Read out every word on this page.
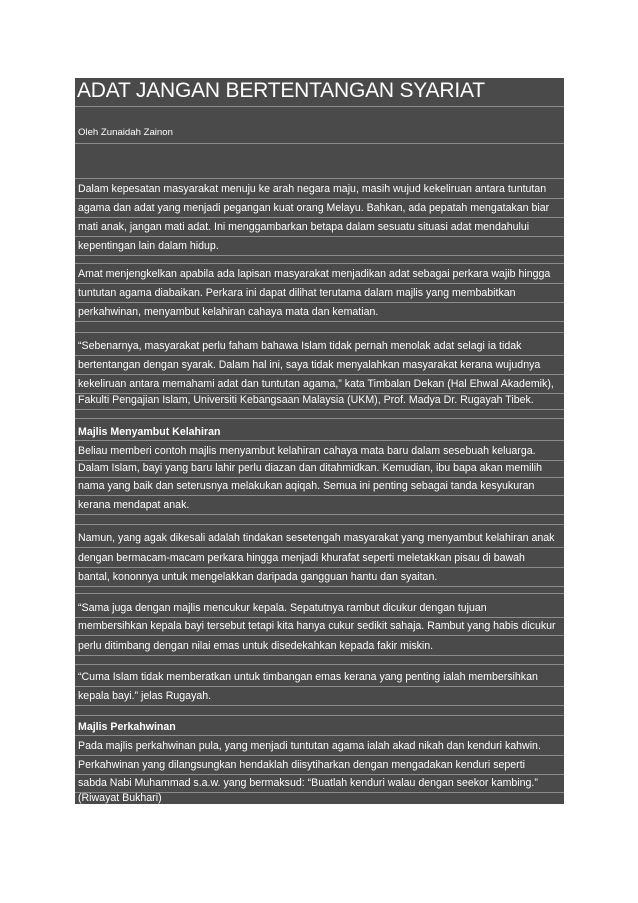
ADAT JANGAN BERTENTANGAN SYARIAT
Oleh Zunaidah Zainon
Dalam kepesatan masyarakat menuju ke arah negara maju, masih wujud kekeliruan antara tuntutan
agama dan adat yang menjadi pegangan kuat orang Melayu. Bahkan, ada pepatah mengatakan biar
mati anak, jangan mati adat. Ini menggambarkan betapa dalam sesuatu situasi adat mendahului
kepentingan lain dalam hidup.
Amat menjengkelkan apabila ada lapisan masyarakat menjadikan adat sebagai perkara wajib hingga
tuntutan agama diabaikan. Perkara ini dapat dilihat terutama dalam majlis yang membabitkan
perkahwinan, menyambut kelahiran cahaya mata dan kematian.
“Sebenarnya, masyarakat perlu faham bahawa Islam tidak pernah menolak adat selagi ia tidak
bertentangan dengan syarak. Dalam hal ini, saya tidak menyalahkan masyarakat kerana wujudnya
kekeliruan antara memahami adat dan tuntutan agama,” kata Timbalan Dekan (Hal Ehwal Akademik),
Fakulti Pengajian Islam, Universiti Kebangsaan Malaysia (UKM), Prof. Madya Dr. Rugayah Tibek.
Majlis Menyambut Kelahiran
Beliau memberi contoh majlis menyambut kelahiran cahaya mata baru dalam sesebuah keluarga.
Dalam Islam, bayi yang baru lahir perlu diazan dan ditahmidkan. Kemudian, ibu bapa akan memilih
nama yang baik dan seterusnya melakukan aqiqah. Semua ini penting sebagai tanda kesyukuran
kerana mendapat anak.
Namun, yang agak dikesali adalah tindakan sesetengah masyarakat yang menyambut kelahiran anak
dengan bermacam-macam perkara hingga menjadi khurafat seperti meletakkan pisau di bawah
bantal, kononnya untuk mengelakkan daripada gangguan hantu dan syaitan.
“Sama juga dengan majlis mencukur kepala. Sepatutnya rambut dicukur dengan tujuan
membersihkan kepala bayi tersebut tetapi kita hanya cukur sedikit sahaja. Rambut yang habis dicukur
perlu ditimbang dengan nilai emas untuk disedekahkan kepada fakir miskin.
“Cuma Islam tidak memberatkan untuk timbangan emas kerana yang penting ialah membersihkan
kepala bayi.” jelas Rugayah.
Majlis Perkahwinan
Pada majlis perkahwinan pula, yang menjadi tuntutan agama ialah akad nikah dan kenduri kahwin.
Perkahwinan yang dilangsungkan hendaklah diisytiharkan dengan mengadakan kenduri seperti
sabda Nabi Muhammad s.a.w. yang bermaksud: “Buatlah kenduri walau dengan seekor kambing.”
(Riwayat Bukhari)
